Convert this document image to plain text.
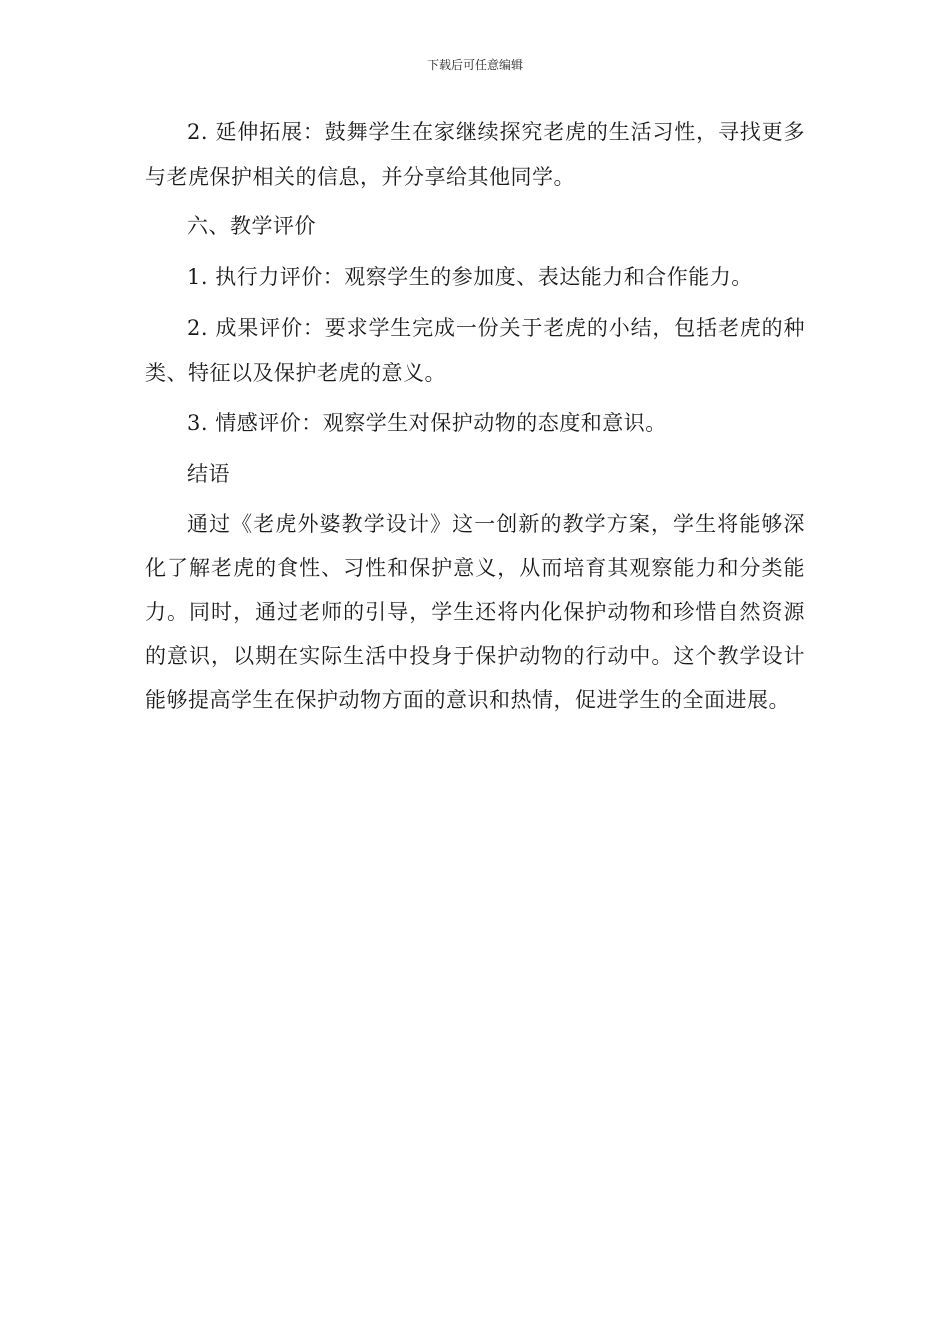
下载后可任意编辑

2. 延伸拓展：鼓舞学生在家继续探究老虎的生活习性，寻找更多与老虎保护相关的信息，并分享给其他同学。

六、教学评价

1. 执行力评价：观察学生的参加度、表达能力和合作能力。

2. 成果评价：要求学生完成一份关于老虎的小结，包括老虎的种类、特征以及保护老虎的意义。

3. 情感评价：观察学生对保护动物的态度和意识。

结语

通过《老虎外婆教学设计》这一创新的教学方案，学生将能够深化了解老虎的食性、习性和保护意义，从而培育其观察能力和分类能力。同时，通过老师的引导，学生还将内化保护动物和珍惜自然资源的意识，以期在实际生活中投身于保护动物的行动中。这个教学设计能够提高学生在保护动物方面的意识和热情，促进学生的全面进展。
